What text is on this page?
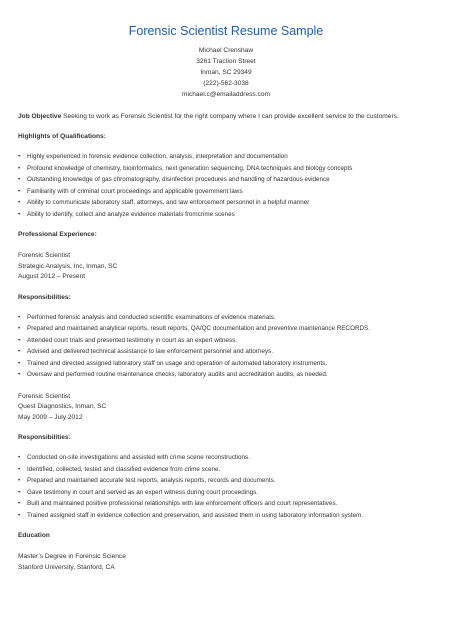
Forensic Scientist Resume Sample
Michael Crenshaw
3261 Traction Street
Inman, SC 29349
(222)-562-3038
michael.c@emailaddress.com
Job Objective Seeking to work as Forensic Scientist for the right company where I can provide excellent service to the customers.
Highlights of Qualifications:
• Highly experienced in forensic evidence collection, analysis, interpretation and documentation
• Profound knowledge of chemistry, bioinformatics, next generation sequencing, DNA techniques and biology concepts
• Outstanding knowledge of gas chromatography, disinfection procedures and handling of hazardous evidence
• Familiarity with of criminal court proceedings and applicable government laws
• Ability to communicate laboratory staff, attorneys, and law enforcement personnel in a helpful manner
• Ability to identify, collect and analyze evidence materials fromcrime scenes
Professional Experience:
Forensic Scientist
Strategic Analysis, Inc, Inman, SC
August 2012 – Present
Responsibilities:
• Performed forensic analysis and conducted scientific examinations of evidence materials.
• Prepared and maintained analytical reports, result reports, QA/QC documentation and preventive maintenance RECORDS.
• Attended court trials and presented testimony in court as an expert witness.
• Advised and delivered technical assistance to law enforcement personnel and attorneys.
• Trained and directed assigned laboratory staff on usage and operation of automated laboratory instruments.
• Oversaw and performed routine maintenance checks, laboratory audits and accreditation audits, as needed.
Forensic Scientist
Quest Diagnostics, Inman, SC
May 2009 – July 2012
Responsibilities:
• Conducted on-site investigations and assisted with crime scene reconstructions.
• Identified, collected, tested and classified evidence from crime scene.
• Prepared and maintained accurate test reports, analysis reports, records and documents.
• Gave testimony in court and served as an expert witness during court proceedings.
• Built and maintained positive professional relationships with law enforcement officers and court representatives.
• Trained assigned staff in evidence collection and preservation, and assisted them in using laboratory information system.
Education
Master’s Degree in Forensic Science
Stanford University, Stanford, CA
